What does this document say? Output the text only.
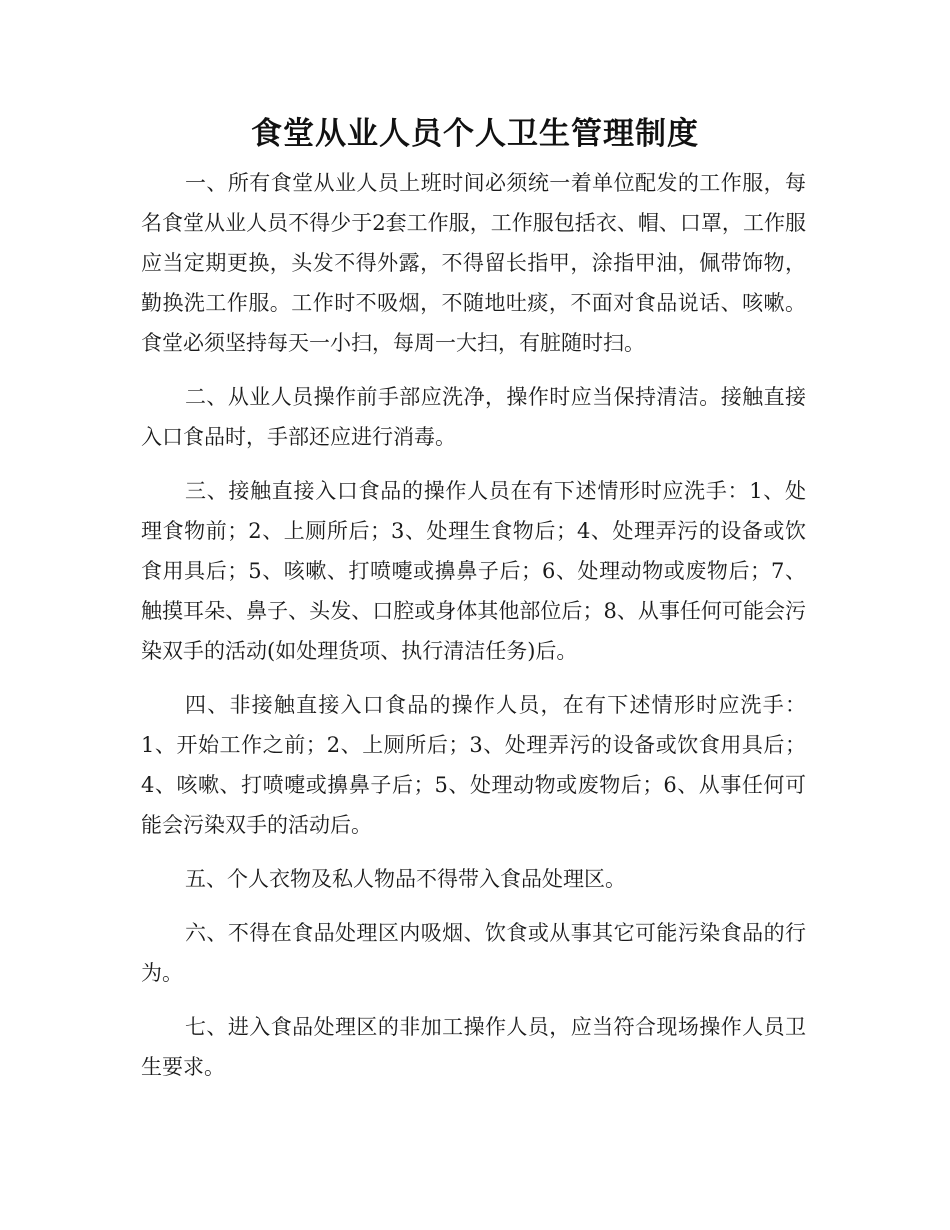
食堂从业人员个人卫生管理制度

一、所有食堂从业人员上班时间必须统一着单位配发的工作服，每名食堂从业人员不得少于2套工作服，工作服包括衣、帽、口罩，工作服应当定期更换，头发不得外露，不得留长指甲，涂指甲油，佩带饰物，勤换洗工作服。工作时不吸烟，不随地吐痰，不面对食品说话、咳嗽。食堂必须坚持每天一小扫，每周一大扫，有脏随时扫。

二、从业人员操作前手部应洗净，操作时应当保持清洁。接触直接入口食品时，手部还应进行消毒。

三、接触直接入口食品的操作人员在有下述情形时应洗手：1、处理食物前；2、上厕所后；3、处理生食物后；4、处理弄污的设备或饮食用具后；5、咳嗽、打喷嚏或擤鼻子后；6、处理动物或废物后；7、触摸耳朵、鼻子、头发、口腔或身体其他部位后；8、从事任何可能会污染双手的活动(如处理货项、执行清洁任务)后。

四、非接触直接入口食品的操作人员，在有下述情形时应洗手：1、开始工作之前；2、上厕所后；3、处理弄污的设备或饮食用具后；4、咳嗽、打喷嚏或擤鼻子后；5、处理动物或废物后；6、从事任何可能会污染双手的活动后。

五、个人衣物及私人物品不得带入食品处理区。

六、不得在食品处理区内吸烟、饮食或从事其它可能污染食品的行为。

七、进入食品处理区的非加工操作人员，应当符合现场操作人员卫生要求。
